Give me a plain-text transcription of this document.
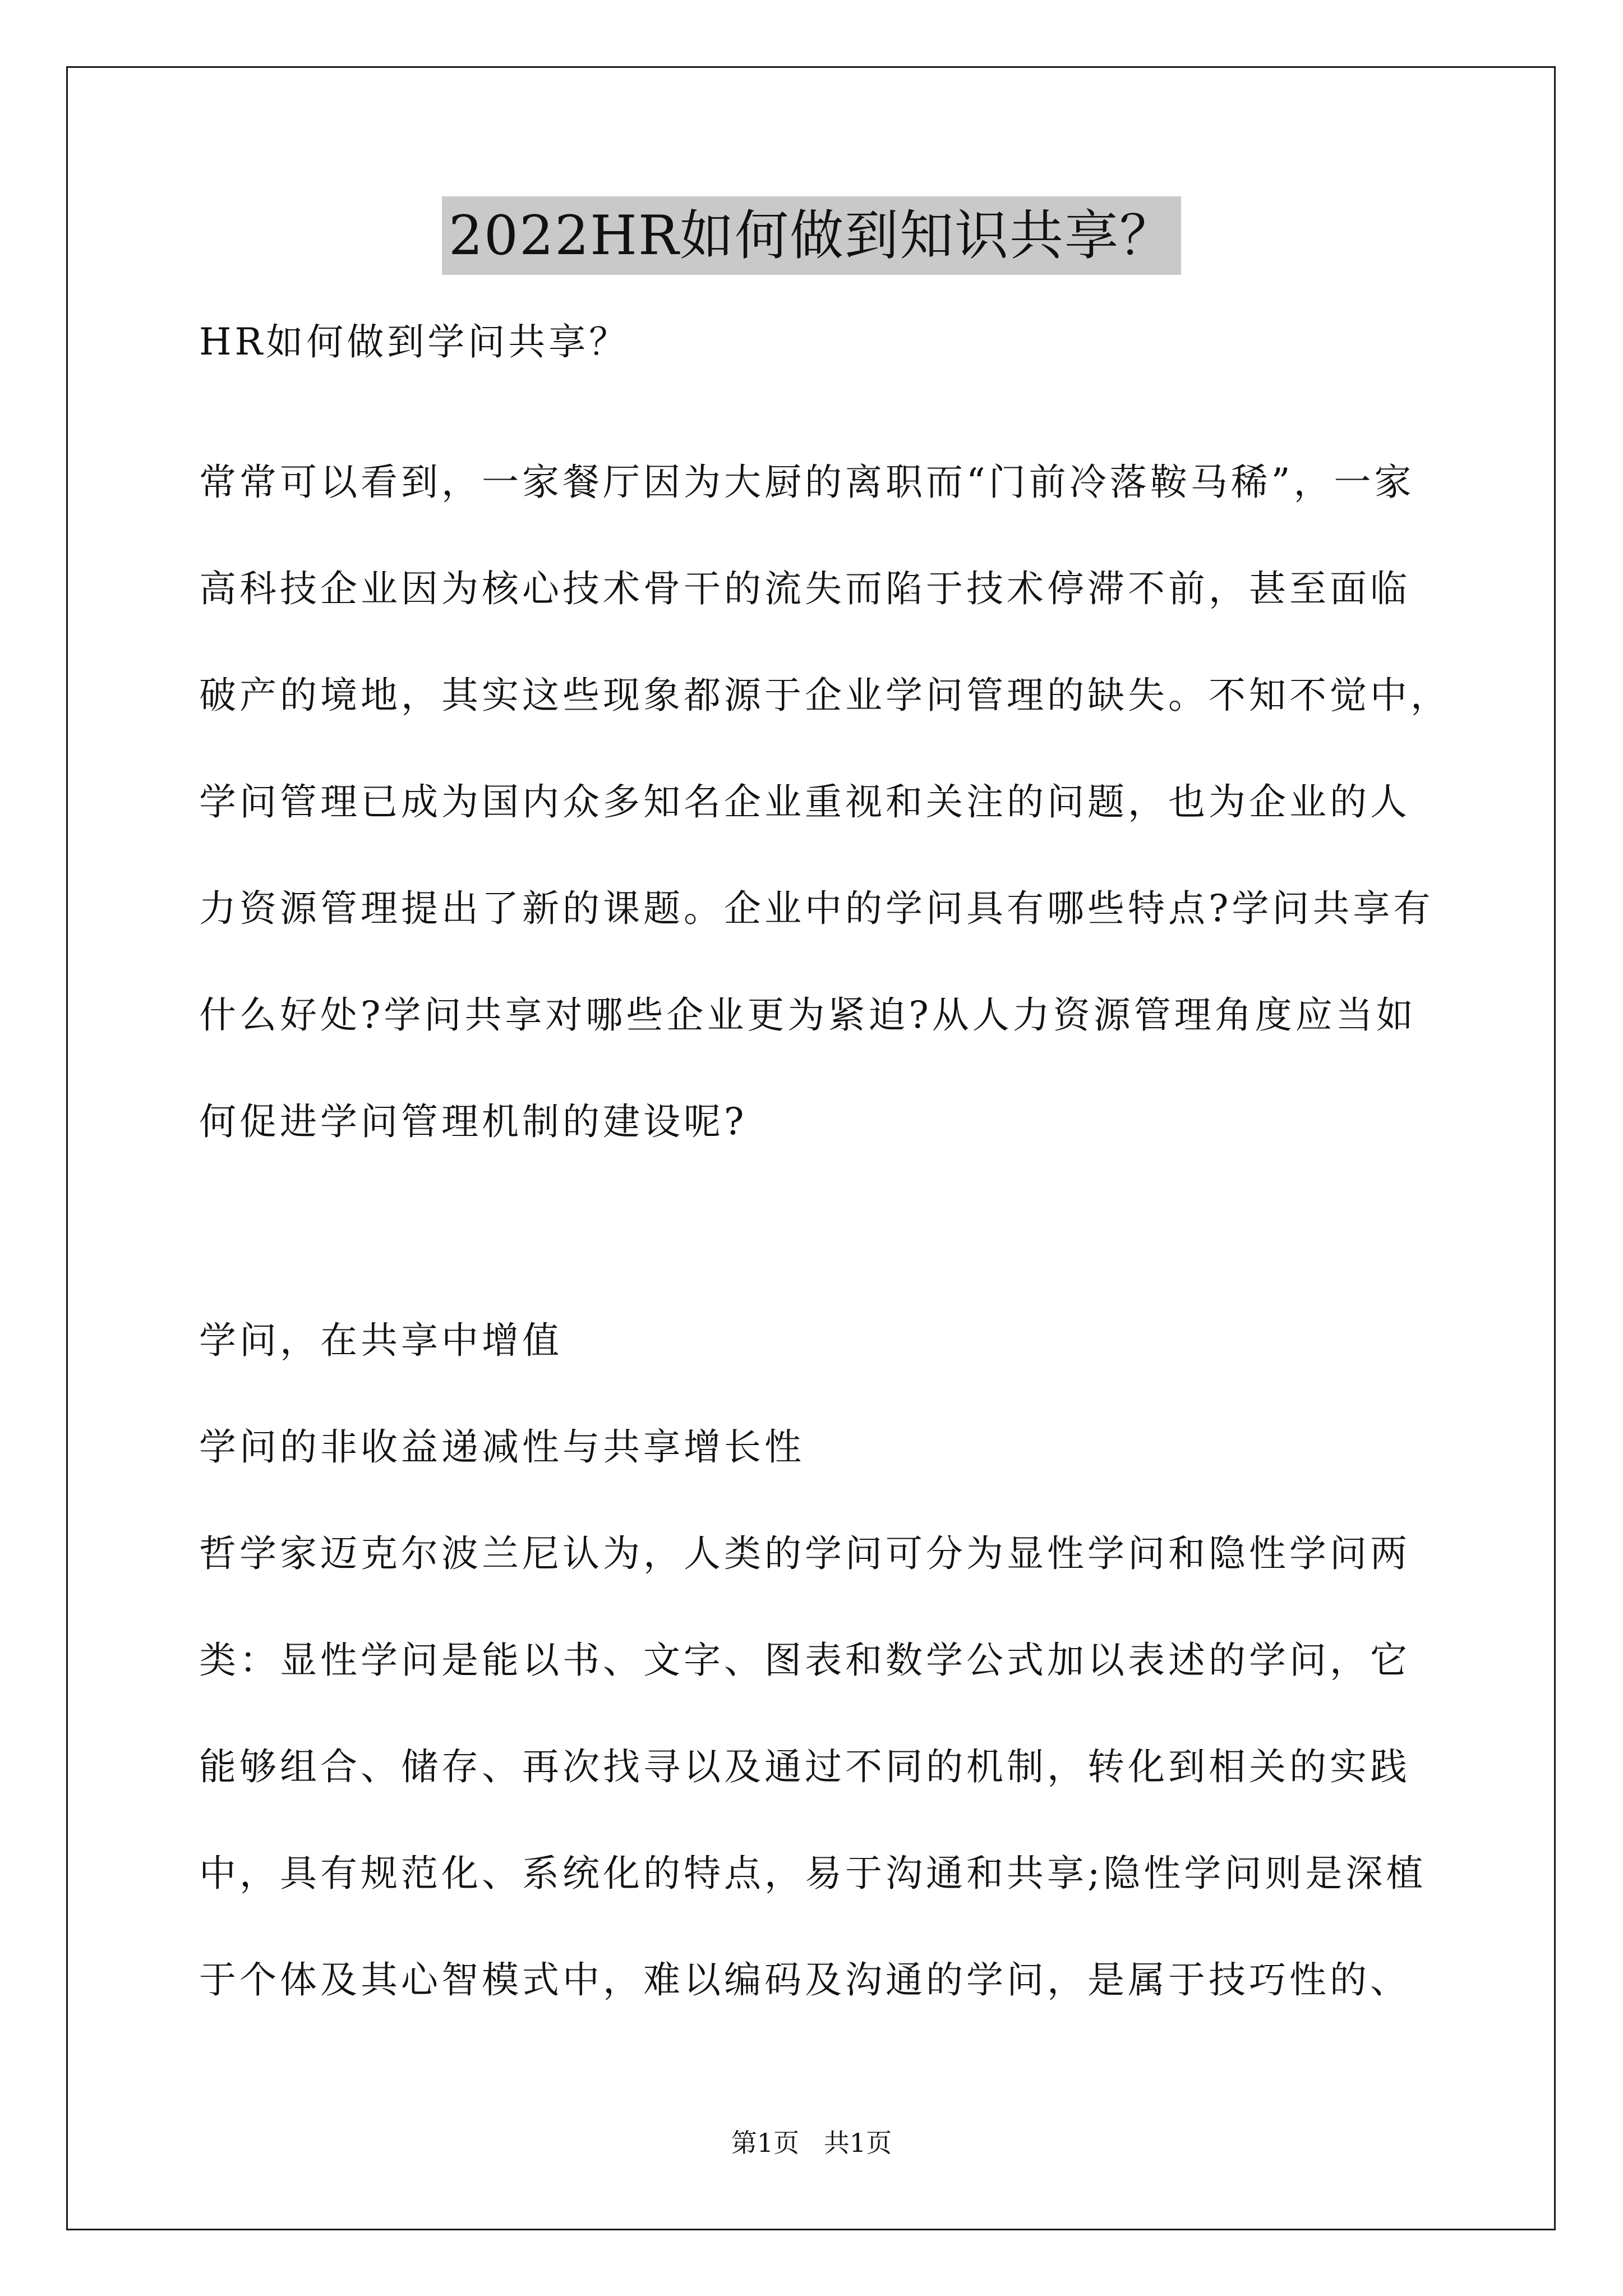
2022HR如何做到知识共享？
HR如何做到学问共享？
常常可以看到，一家餐厅因为大厨的离职而“门前冷落鞍马稀”，一家
高科技企业因为核心技术骨干的流失而陷于技术停滞不前，甚至面临
破产的境地，其实这些现象都源于企业学问管理的缺失。不知不觉中，
学问管理已成为国内众多知名企业重视和关注的问题，也为企业的人
力资源管理提出了新的课题。企业中的学问具有哪些特点?学问共享有
什么好处?学问共享对哪些企业更为紧迫?从人力资源管理角度应当如
何促进学问管理机制的建设呢?
学问，在共享中增值
学问的非收益递减性与共享增长性
哲学家迈克尔波兰尼认为，人类的学问可分为显性学问和隐性学问两
类：显性学问是能以书、文字、图表和数学公式加以表述的学问，它
能够组合、储存、再次找寻以及通过不同的机制，转化到相关的实践
中，具有规范化、系统化的特点，易于沟通和共享;隐性学问则是深植
于个体及其心智模式中，难以编码及沟通的学问，是属于技巧性的、
第1页   共1页
